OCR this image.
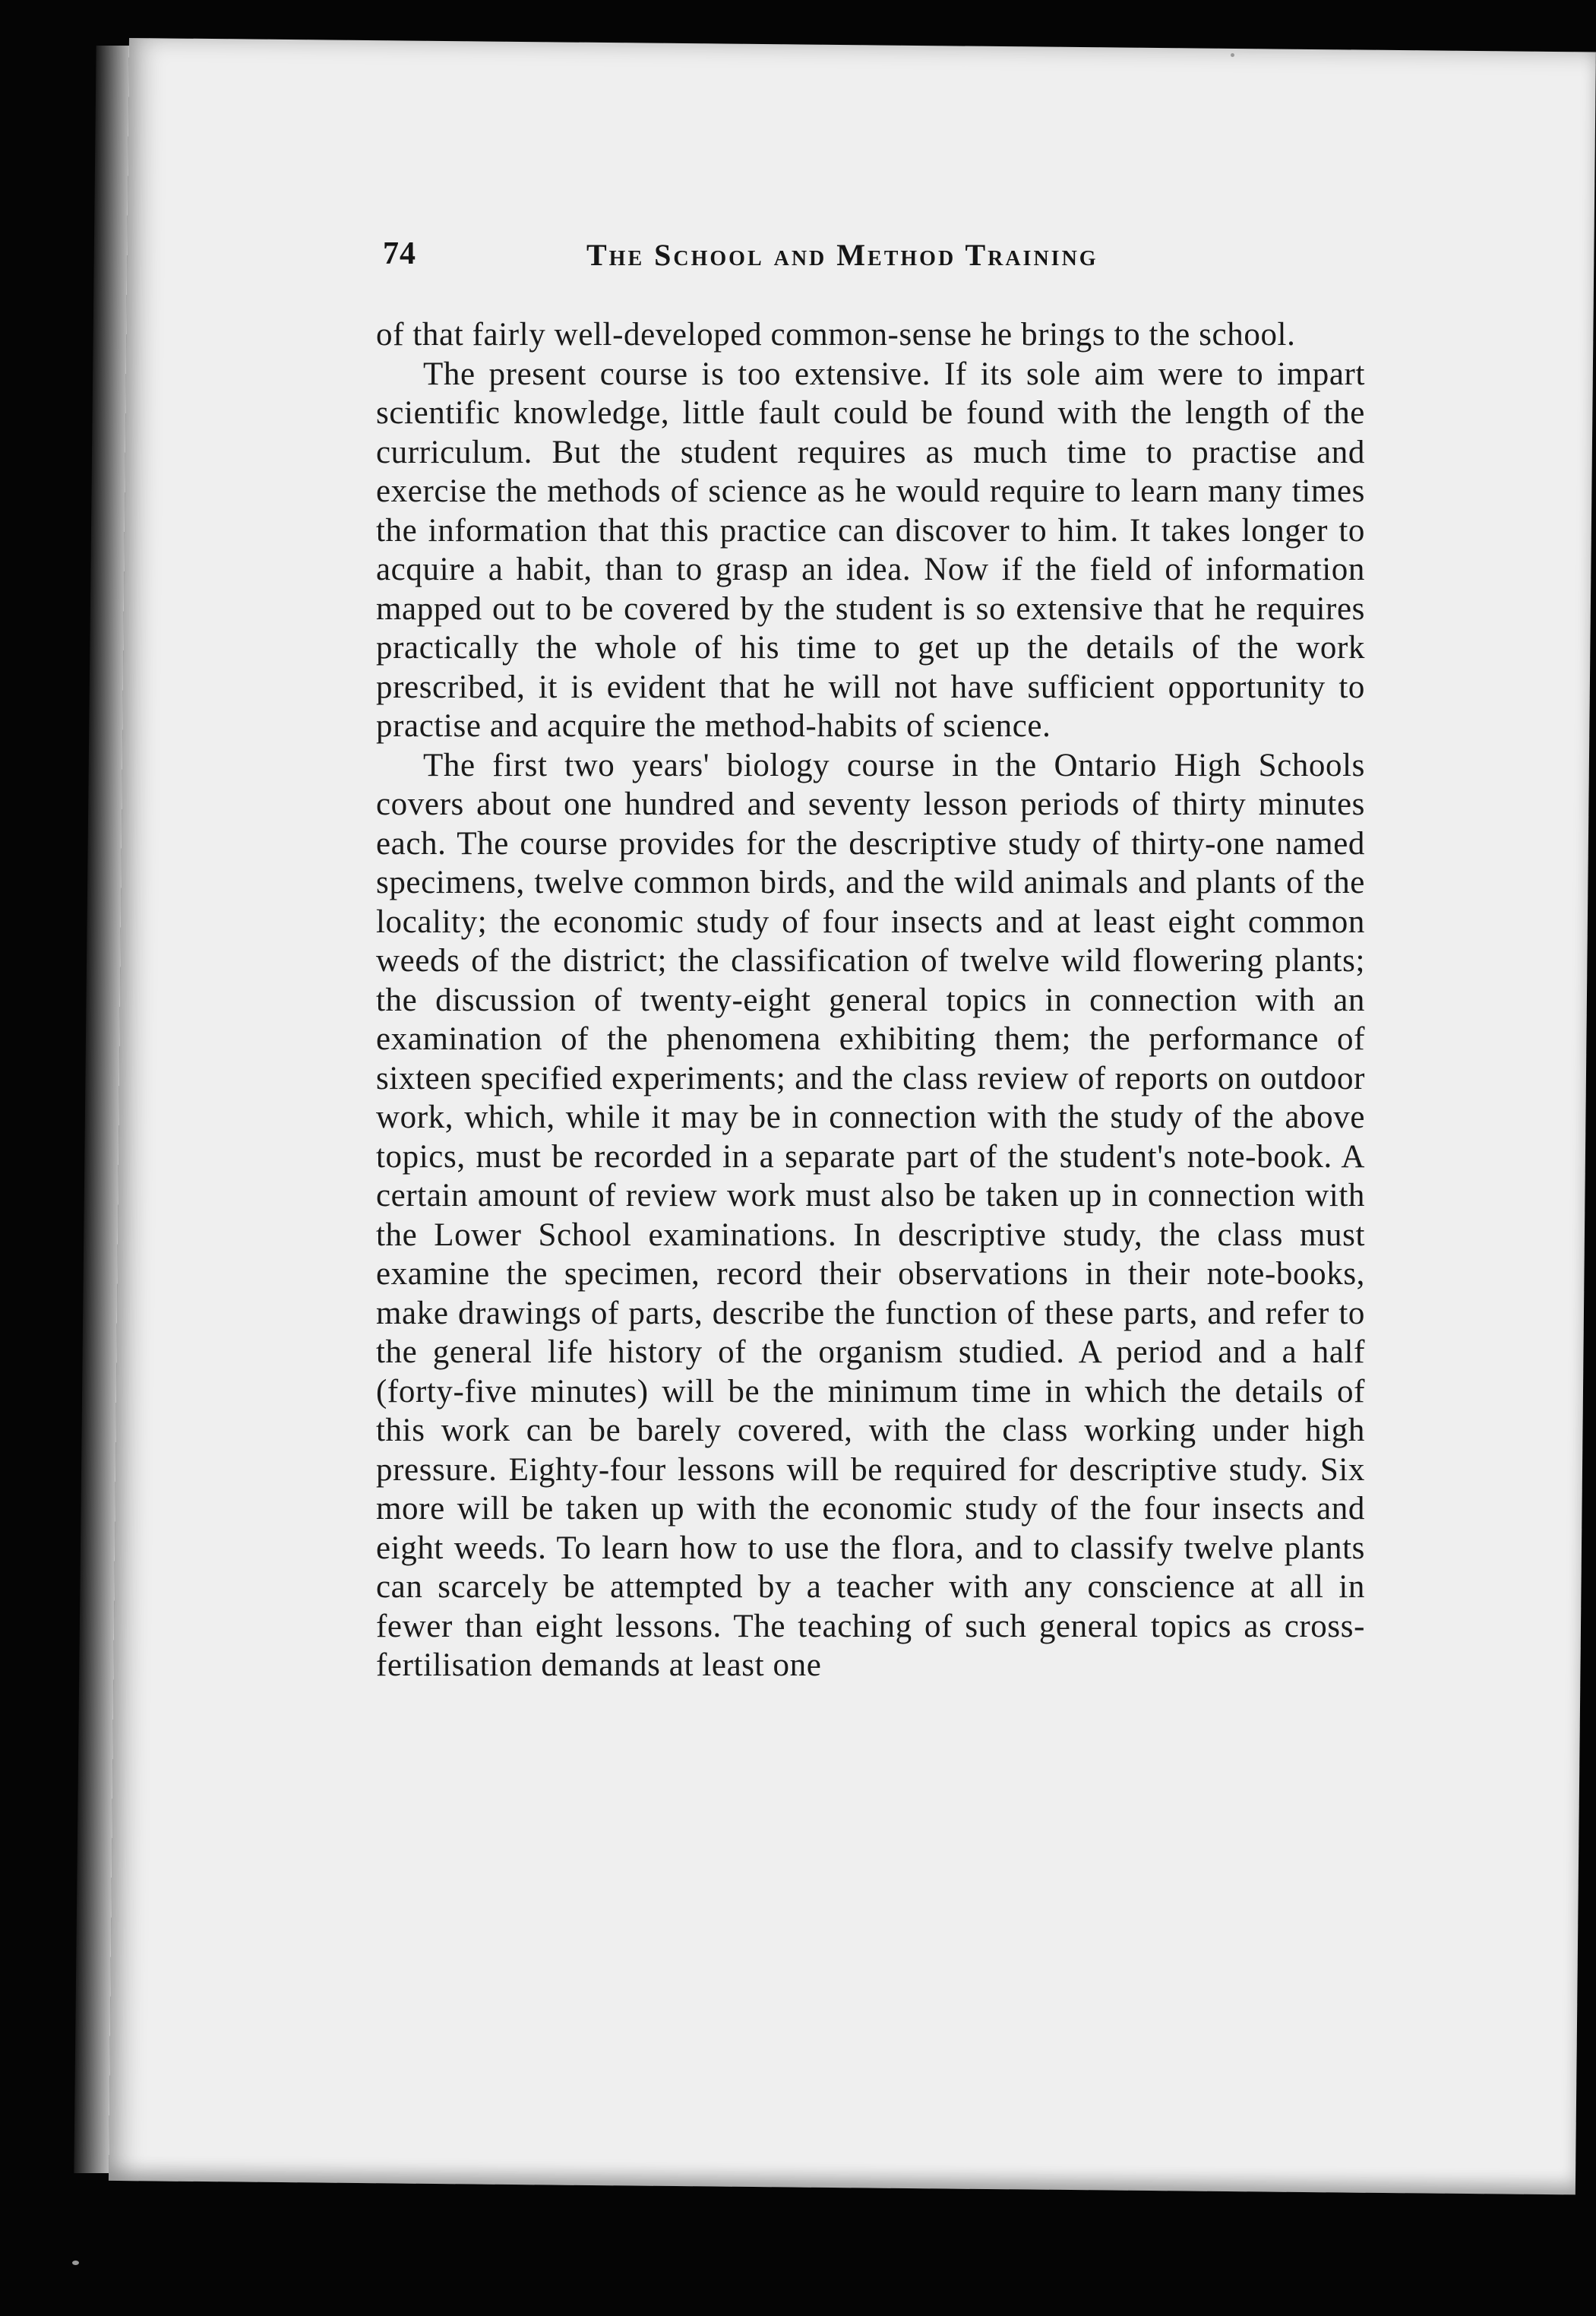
74	The School and Method Training

of that fairly well-developed common-sense he brings to the school.

The present course is too extensive. If its sole aim were to impart scientific knowledge, little fault could be found with the length of the curriculum. But the student requires as much time to practise and exercise the methods of science as he would require to learn many times the information that this practice can discover to him. It takes longer to acquire a habit, than to grasp an idea. Now if the field of information mapped out to be covered by the student is so extensive that he requires practically the whole of his time to get up the details of the work prescribed, it is evident that he will not have sufficient opportunity to practise and acquire the method-habits of science.

The first two years' biology course in the Ontario High Schools covers about one hundred and seventy lesson periods of thirty minutes each. The course provides for the descriptive study of thirty-one named specimens, twelve common birds, and the wild animals and plants of the locality; the economic study of four insects and at least eight common weeds of the district; the classification of twelve wild flowering plants; the discussion of twenty-eight general topics in connection with an examination of the phenomena exhibiting them; the performance of sixteen specified experiments; and the class review of reports on outdoor work, which, while it may be in connection with the study of the above topics, must be recorded in a separate part of the student's note-book. A certain amount of review work must also be taken up in connection with the Lower School examinations. In descriptive study, the class must examine the specimen, record their observations in their note-books, make drawings of parts, describe the function of these parts, and refer to the general life history of the organism studied. A period and a half (forty-five minutes) will be the minimum time in which the details of this work can be barely covered, with the class working under high pressure. Eighty-four lessons will be required for descriptive study. Six more will be taken up with the economic study of the four insects and eight weeds. To learn how to use the flora, and to classify twelve plants can scarcely be attempted by a teacher with any conscience at all in fewer than eight lessons. The teaching of such general topics as cross-fertilisation demands at least one
